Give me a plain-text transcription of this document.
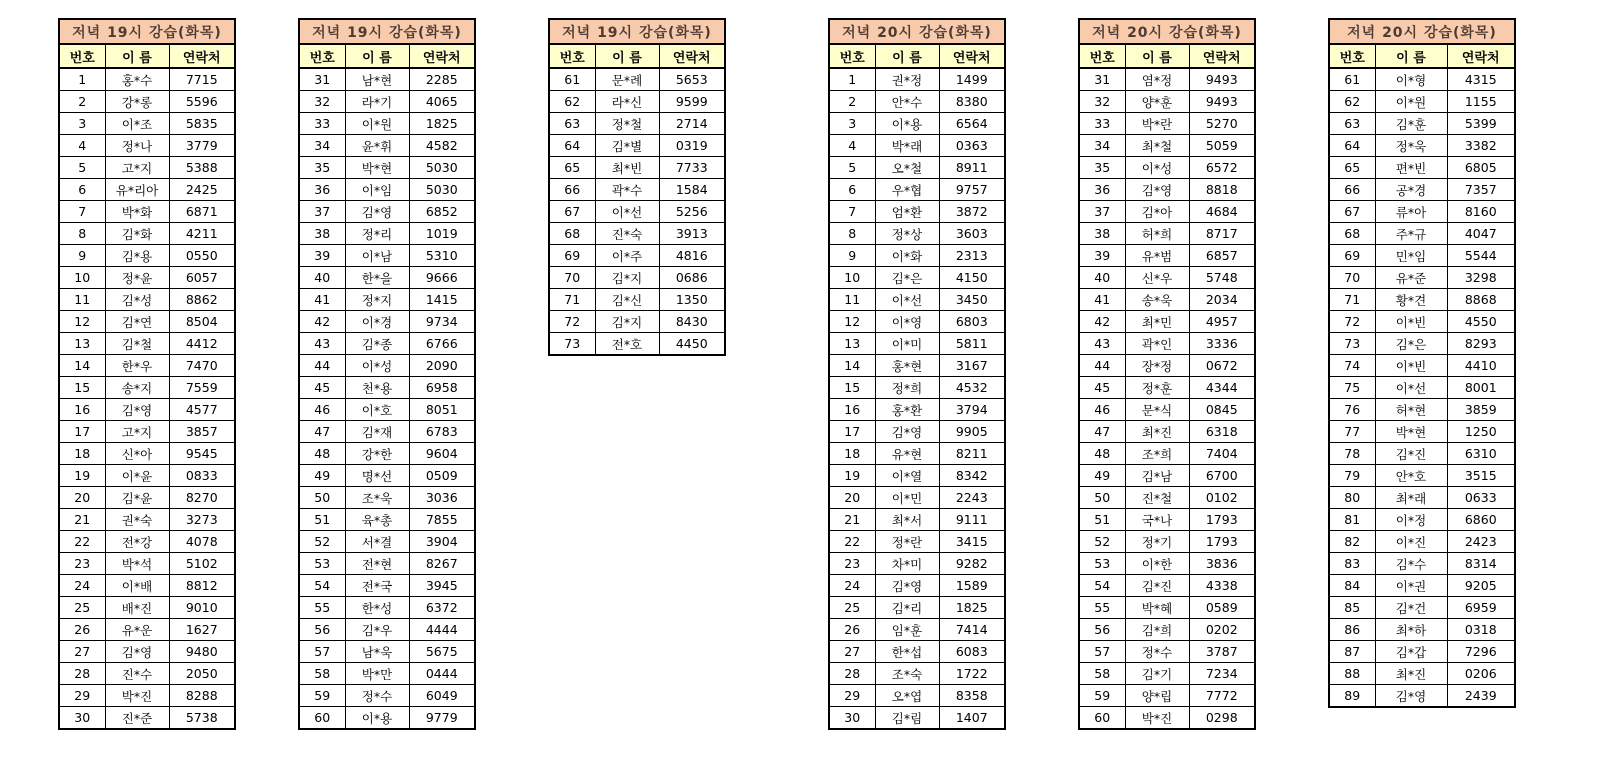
저녁 19시 강습(화목)		
번호	이 름	연락처
1	홍*수	7715
2	강*롱	5596
3	이*조	5835
4	정*나	3779
5	고*지	5388
6	유*리아	2425
7	박*화	6871
8	김*화	4211
9	김*용	0550
10	정*윤	6057
11	김*성	8862
12	김*연	8504
13	김*철	4412
14	한*우	7470
15	송*지	7559
16	김*영	4577
17	고*지	3857
18	신*아	9545
19	이*윤	0833
20	김*윤	8270
21	권*숙	3273
22	전*강	4078
23	박*석	5102
24	이*배	8812
25	배*진	9010
26	유*운	1627
27	김*영	9480
28	진*수	2050
29	박*진	8288
30	진*준	5738
저녁 19시 강습(화목)		
번호	이 름	연락처
31	남*현	2285
32	라*기	4065
33	이*원	1825
34	윤*휘	4582
35	박*현	5030
36	이*임	5030
37	김*영	6852
38	정*리	1019
39	이*남	5310
40	한*을	9666
41	정*지	1415
42	이*경	9734
43	김*종	6766
44	이*성	2090
45	천*용	6958
46	이*호	8051
47	김*재	6783
48	강*한	9604
49	명*선	0509
50	조*욱	3036
51	육*총	7855
52	서*결	3904
53	전*현	8267
54	전*국	3945
55	한*성	6372
56	김*우	4444
57	남*욱	5675
58	박*만	0444
59	정*수	6049
60	이*용	9779
저녁 19시 강습(화목)		
번호	이 름	연락처
61	문*례	5653
62	라*신	9599
63	정*철	2714
64	김*별	0319
65	최*빈	7733
66	곽*수	1584
67	이*선	5256
68	진*숙	3913
69	이*주	4816
70	김*지	0686
71	김*신	1350
72	김*지	8430
73	전*호	4450
저녁 20시 강습(화목)		
번호	이 름	연락처
1	권*정	1499
2	안*수	8380
3	이*용	6564
4	박*래	0363
5	오*철	8911
6	우*협	9757
7	엄*환	3872
8	정*상	3603
9	이*화	2313
10	김*은	4150
11	이*선	3450
12	이*영	6803
13	이*미	5811
14	홍*현	3167
15	정*희	4532
16	홍*환	3794
17	김*영	9905
18	유*현	8211
19	이*열	8342
20	이*민	2243
21	최*서	9111
22	정*란	3415
23	차*미	9282
24	김*영	1589
25	김*리	1825
26	임*훈	7414
27	한*섭	6083
28	조*숙	1722
29	오*엽	8358
30	김*림	1407
저녁 20시 강습(화목)		
번호	이 름	연락처
31	염*정	9493
32	양*훈	9493
33	박*란	5270
34	최*철	5059
35	이*성	6572
36	김*영	8818
37	김*아	4684
38	허*희	8717
39	유*범	6857
40	신*우	5748
41	송*욱	2034
42	최*민	4957
43	곽*인	3336
44	장*정	0672
45	정*훈	4344
46	문*식	0845
47	최*진	6318
48	조*희	7404
49	김*남	6700
50	진*철	0102
51	국*나	1793
52	정*기	1793
53	이*한	3836
54	김*진	4338
55	박*혜	0589
56	김*희	0202
57	정*수	3787
58	김*기	7234
59	양*립	7772
60	박*진	0298
저녁 20시 강습(화목)		
번호	이 름	연락처
61	이*형	4315
62	이*원	1155
63	김*훈	5399
64	정*욱	3382
65	편*빈	6805
66	공*경	7357
67	류*아	8160
68	주*규	4047
69	민*임	5544
70	유*준	3298
71	황*견	8868
72	이*빈	4550
73	김*은	8293
74	이*빈	4410
75	이*선	8001
76	허*현	3859
77	박*현	1250
78	김*진	6310
79	안*호	3515
80	최*래	0633
81	이*정	6860
82	이*진	2423
83	김*수	8314
84	이*권	9205
85	김*건	6959
86	최*하	0318
87	김*갑	7296
88	최*진	0206
89	김*영	2439
